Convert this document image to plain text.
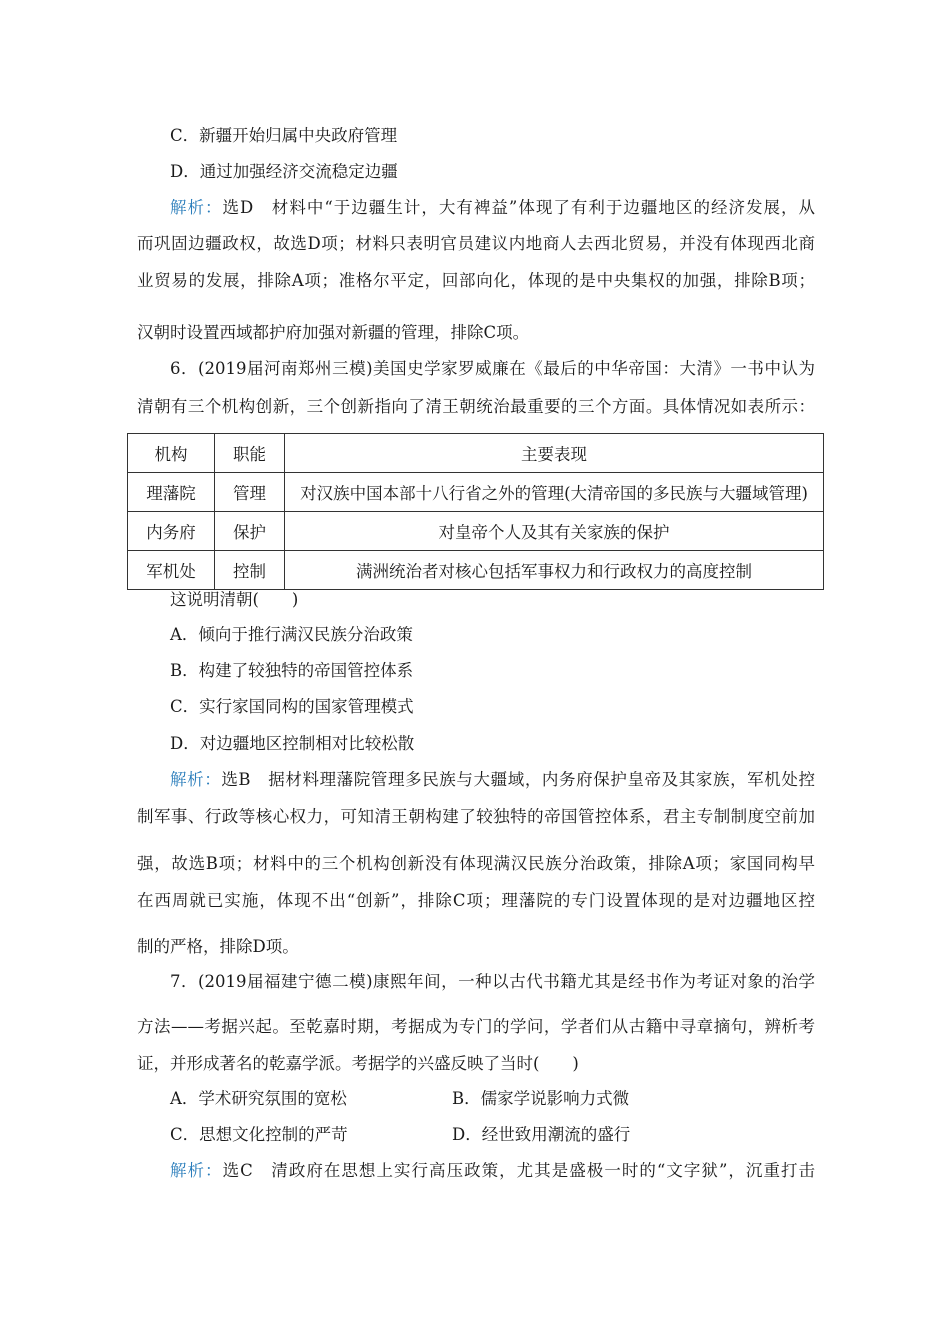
C．新疆开始归属中央政府管理
D．通过加强经济交流稳定边疆
解析：选D　材料中“于边疆生计，大有裨益”体现了有利于边疆地区的经济发展，从
而巩固边疆政权，故选D项；材料只表明官员建议内地商人去西北贸易，并没有体现西北商
业贸易的发展，排除A项；准格尔平定，回部向化，体现的是中央集权的加强，排除B项；
汉朝时设置西域都护府加强对新疆的管理，排除C项。
6．(2019届河南郑州三模)美国史学家罗威廉在《最后的中华帝国：大清》一书中认为
清朝有三个机构创新，三个创新指向了清王朝统治最重要的三个方面。具体情况如表所示：
机构	职能	主要表现
理藩院	管理	对汉族中国本部十八行省之外的管理(大清帝国的多民族与大疆域管理)
内务府	保护	对皇帝个人及其有关家族的保护
军机处	控制	满洲统治者对核心包括军事权力和行政权力的高度控制
这说明清朝(　　)
A．倾向于推行满汉民族分治政策
B．构建了较独特的帝国管控体系
C．实行家国同构的国家管理模式
D．对边疆地区控制相对比较松散
解析：选B　据材料理藩院管理多民族与大疆域，内务府保护皇帝及其家族，军机处控
制军事、行政等核心权力，可知清王朝构建了较独特的帝国管控体系，君主专制制度空前加
强，故选B项；材料中的三个机构创新没有体现满汉民族分治政策，排除A项；家国同构早
在西周就已实施，体现不出“创新”，排除C项；理藩院的专门设置体现的是对边疆地区控
制的严格，排除D项。
7．(2019届福建宁德二模)康熙年间，一种以古代书籍尤其是经书作为考证对象的治学
方法——考据兴起。至乾嘉时期，考据成为专门的学问，学者们从古籍中寻章摘句，辨析考
证，并形成著名的乾嘉学派。考据学的兴盛反映了当时(　　)
A．学术研究氛围的宽松	B．儒家学说影响力式微
C．思想文化控制的严苛	D．经世致用潮流的盛行
解析：选C　清政府在思想上实行高压政策，尤其是盛极一时的“文字狱”，沉重打击
